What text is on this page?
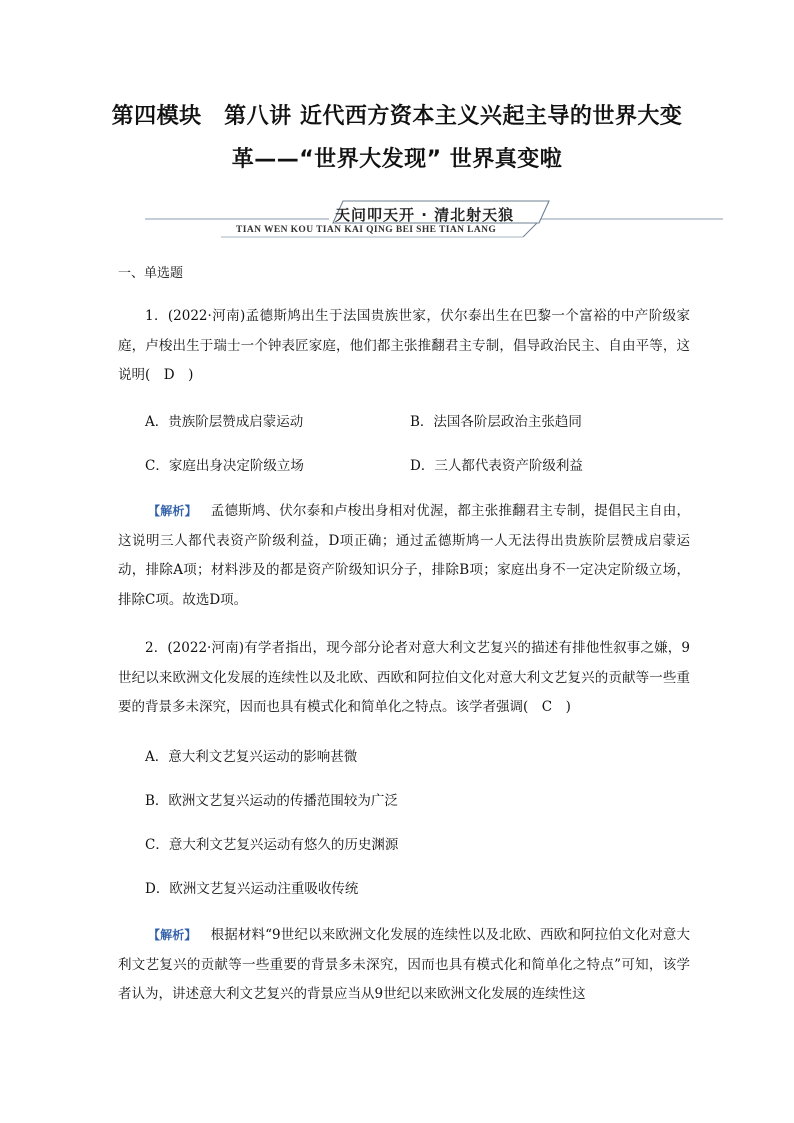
第四模块　第八讲 近代西方资本主义兴起主导的世界大变
革——“世界大发现” 世界真变啦
天问叩天开 · 清北射天狼
TIAN WEN KOU TIAN KAI QING BEI SHE TIAN LANG
一、单选题

1．(2022·河南)孟德斯鸠出生于法国贵族世家，伏尔泰出生在巴黎一个富裕的中产阶级家庭，卢梭出生于瑞士一个钟表匠家庭，他们都主张推翻君主专制，倡导政治民主、自由平等，这说明(　D　)

A．贵族阶层赞成启蒙运动	B．法国各阶层政治主张趋同
C．家庭出身决定阶级立场	D．三人都代表资产阶级利益

【解析】 孟德斯鸠、伏尔泰和卢梭出身相对优渥，都主张推翻君主专制，提倡民主自由，这说明三人都代表资产阶级利益，D项正确；通过孟德斯鸠一人无法得出贵族阶层赞成启蒙运动，排除A项；材料涉及的都是资产阶级知识分子，排除B项；家庭出身不一定决定阶级立场，排除C项。故选D项。

2．(2022·河南)有学者指出，现今部分论者对意大利文艺复兴的描述有排他性叙事之嫌，9世纪以来欧洲文化发展的连续性以及北欧、西欧和阿拉伯文化对意大利文艺复兴的贡献等一些重要的背景多未深究，因而也具有模式化和简单化之特点。该学者强调(　C　)

A．意大利文艺复兴运动的影响甚微
B．欧洲文艺复兴运动的传播范围较为广泛
C．意大利文艺复兴运动有悠久的历史渊源
D．欧洲文艺复兴运动注重吸收传统

【解析】 根据材料“9世纪以来欧洲文化发展的连续性以及北欧、西欧和阿拉伯文化对意大利文艺复兴的贡献等一些重要的背景多未深究，因而也具有模式化和简单化之特点”可知，该学者认为，讲述意大利文艺复兴的背景应当从9世纪以来欧洲文化发展的连续性这
